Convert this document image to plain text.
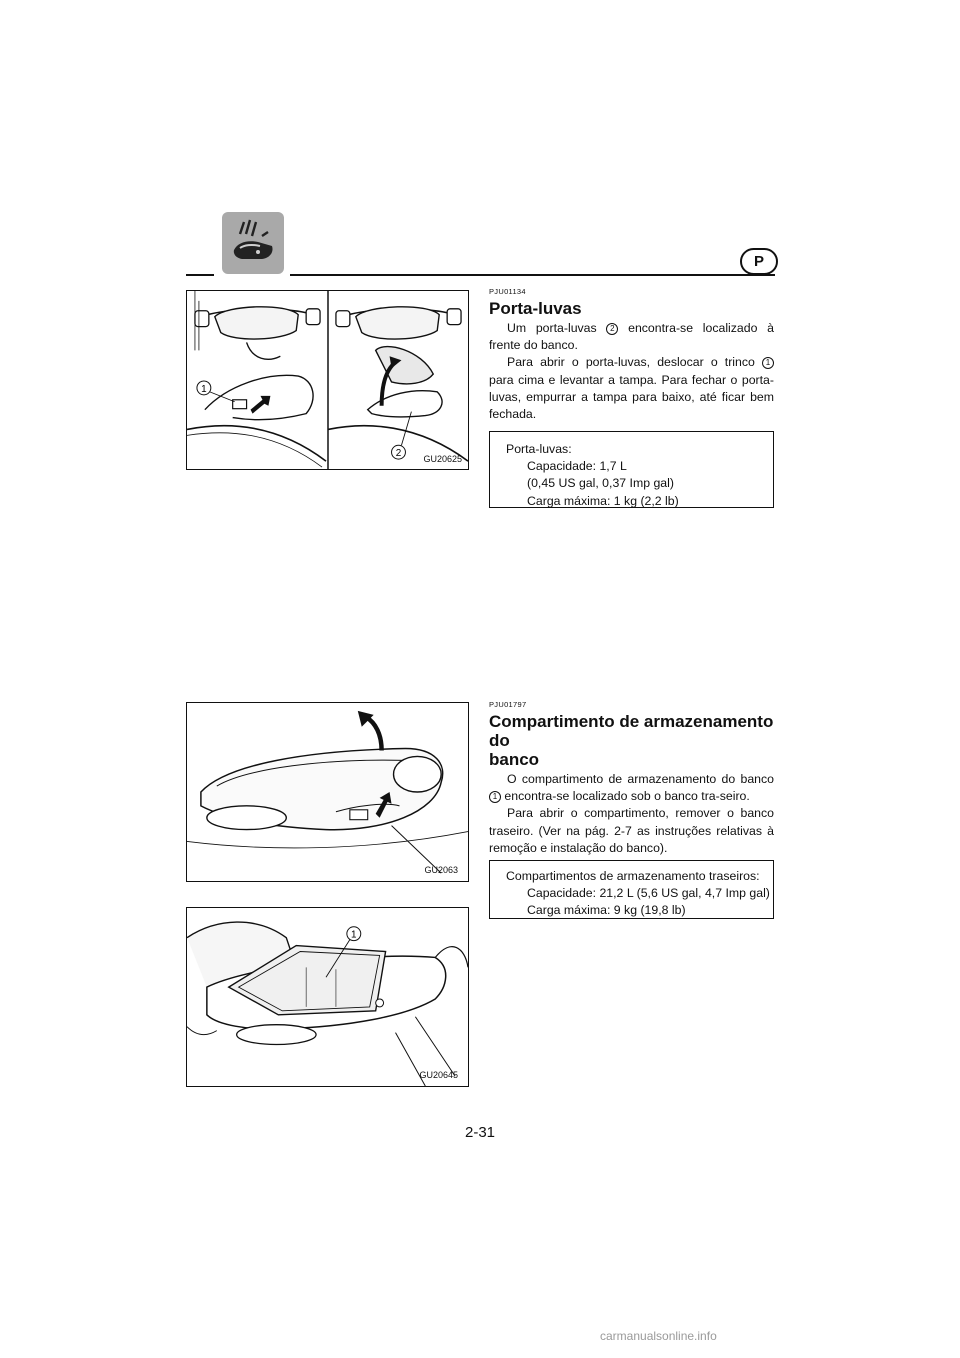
P
1
2 GU20625
GU2063
1
GU20645
PJU01134
Porta-luvas

Um porta-luvas 2 encontra-se localizado à frente do banco.

Para abrir o porta-luvas, deslocar o trinco 1 para cima e levantar a tampa. Para fechar o porta-luvas, empurrar a tampa para baixo, até ficar bem fechada.

Porta-luvas:

Capacidade: 1,7 L

(0,45 US gal, 0,37 Imp gal)

Carga máxima: 1 kg (2,2 lb)

PJU01797
Compartimento de armazenamento do
banco

O compartimento de armazenamento do banco 1 encontra-se localizado sob o banco tra-seiro.

Para abrir o compartimento, remover o banco traseiro. (Ver na pág. 2-7 as instruções relativas à remoção e instalação do banco).

Compartimentos de armazenamento traseiros:

Capacidade: 21,2 L (5,6 US gal, 4,7 Imp gal)

Carga máxima: 9 kg (19,8 lb)

2-31
carmanualsonline.info
